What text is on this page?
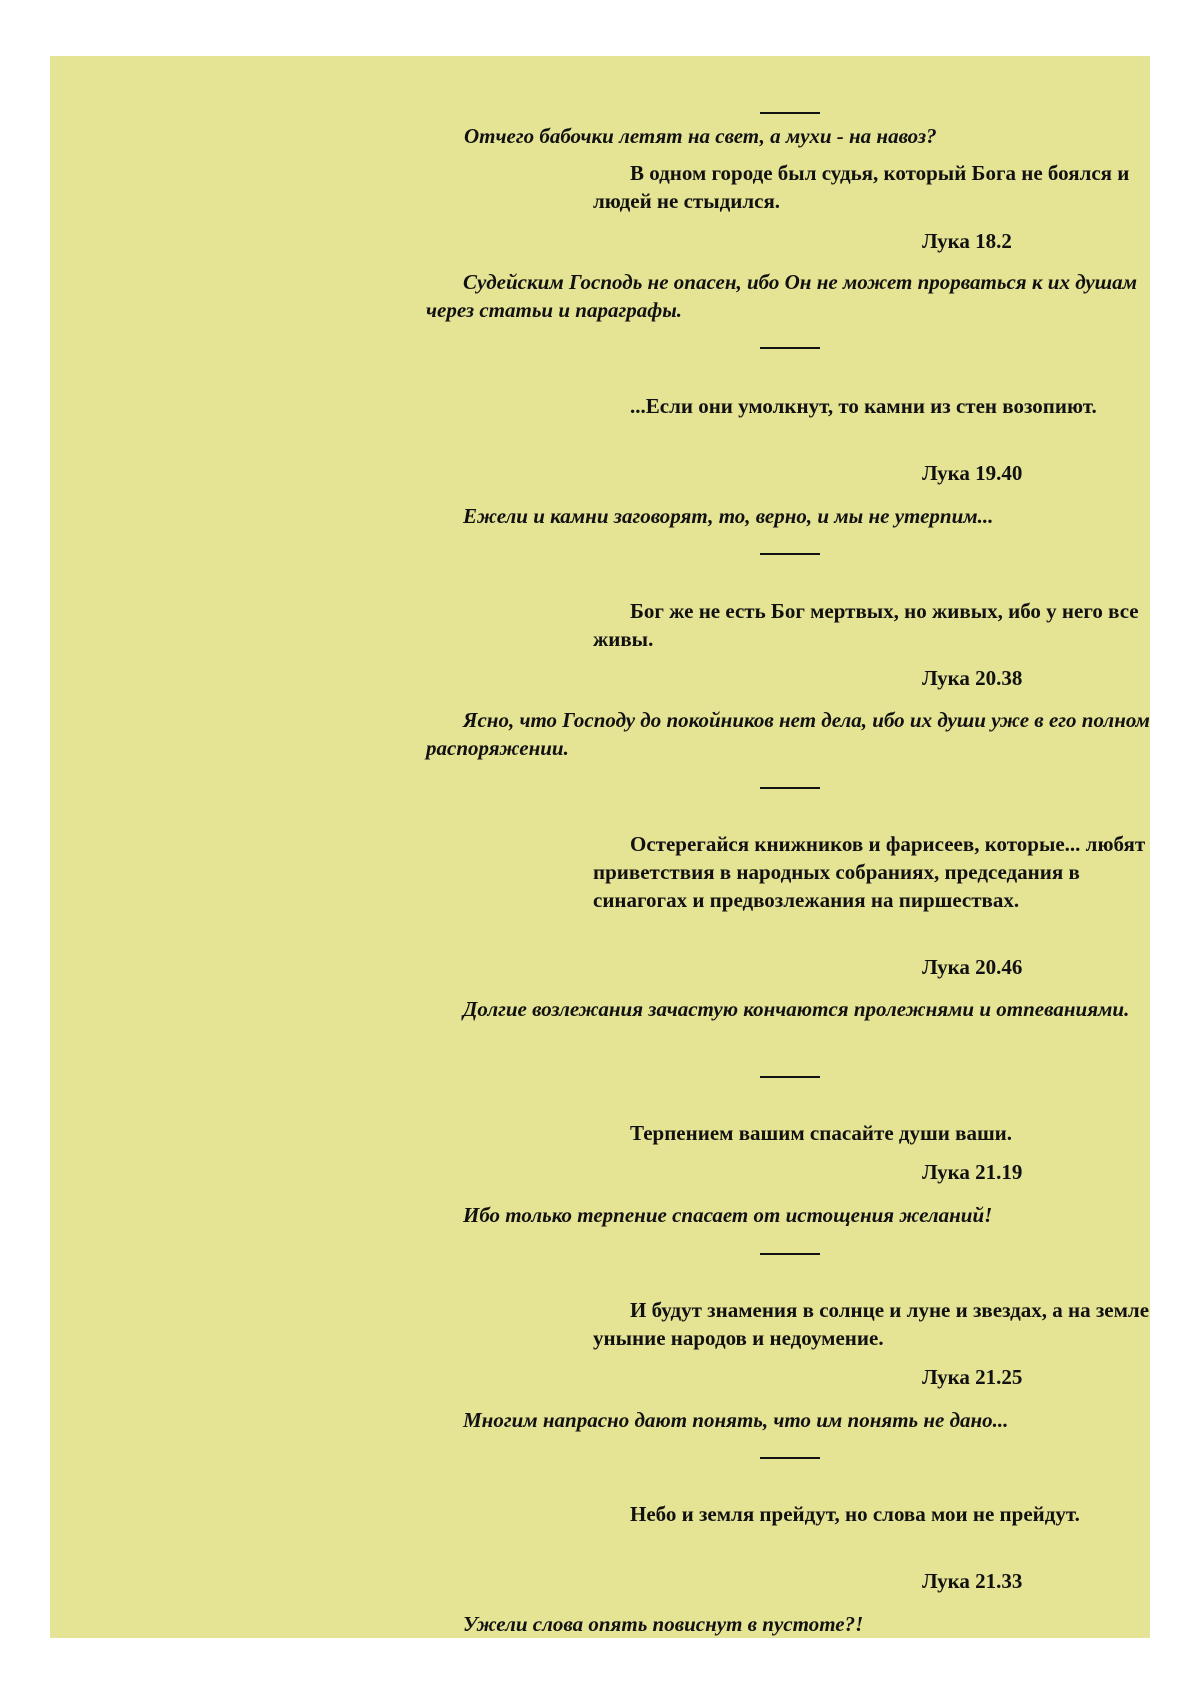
Отчего бабочки летят на свет, а мухи - на навоз?

В одном городе был судья, который Бога не боялся и людей не стыдился.

Лука 18.2

Судейским Господь не опасен, ибо Он не может прорваться к их душам через статьи и параграфы.

...Если они умолкнут, то камни из стен возопиют.

Лука 19.40

Ежели и камни заговорят, то, верно, и мы не утерпим...

Бог же не есть Бог мертвых, но живых, ибо у него все живы.

Лука 20.38

Ясно, что Господу до покойников нет дела, ибо их души уже в его полном распоряжении.

Остерегайся книжников и фарисеев, которые... любят приветствия в народных собраниях, председания в синагогах и предвозлежания на пиршествах.

Лука 20.46

Долгие возлежания зачастую кончаются пролежнями и отпеваниями.

Терпением вашим спасайте души ваши.

Лука 21.19

Ибо только терпение спасает от истощения желаний!

И будут знамения в солнце и луне и звездах, а на земле уныние народов и недоумение.

Лука 21.25

Многим напрасно дают понять, что им понять не дано...

Небо и земля прейдут, но слова мои не прейдут.

Лука 21.33

Ужели слова опять повиснут в пустоте?!
